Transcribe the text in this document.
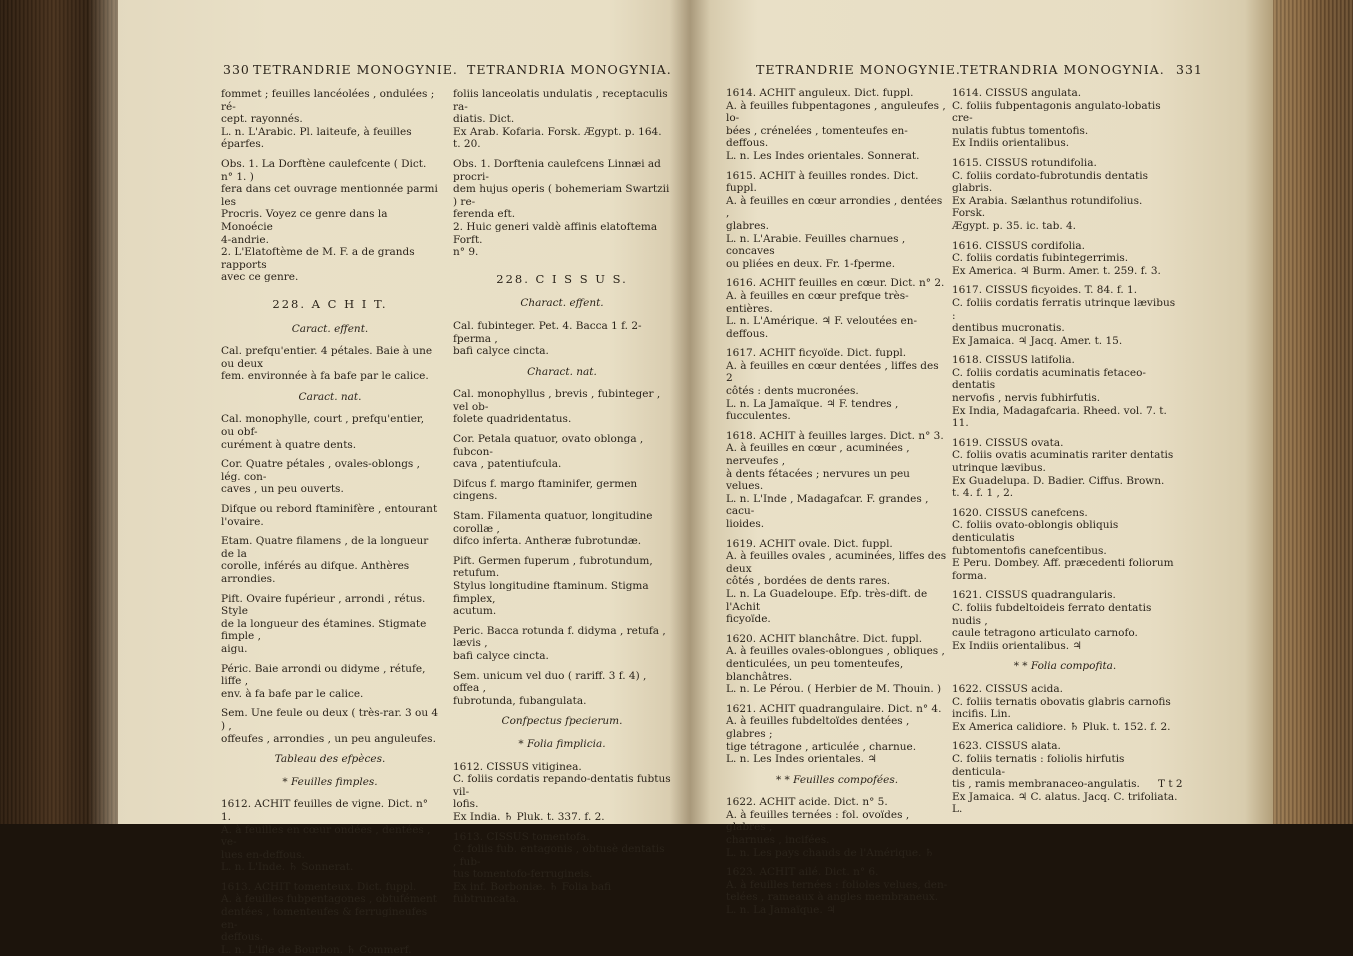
330 TETRANDRIE MONOGYNIE. TETRANDRIA MONOGYNIA.
fommet ; feuilles lancéolées , ondulées ; ré-
cept. rayonnés.
L. n. L'Arabic. Pl. laiteufe, à feuilles éparfes.
Obs. 1. La Dorftène caulefcente ( Dict. n° 1. )
fera dans cet ouvrage mentionnée parmi les
Procris. Voyez ce genre dans la Monoécie
4-andrie.
2. L'Elatoftème de M. F. a de grands rapports
avec ce genre.
228. A C H I T.
Caract. effent.
Cal. prefqu'entier. 4 pétales. Baie à une ou deux
fem. environnée à fa bafe par le calice.
Caract. nat.
Cal. monophylle, court , prefqu'entier, ou obf-
curément à quatre dents.
Cor. Quatre pétales , ovales-oblongs , lég. con-
caves , un peu ouverts.
Difque ou rebord ftaminifère , entourant
l'ovaire.
Etam. Quatre filamens , de la longueur de la
corolle, inférés au difque. Anthères arrondies.
Pift. Ovaire fupérieur , arrondi , rétus. Style
de la longueur des étamines. Stigmate fimple ,
aigu.
Péric. Baie arrondi ou didyme , rétufe, liffe ,
env. à fa bafe par le calice.
Sem. Une feule ou deux ( très-rar. 3 ou 4 ) ,
offeufes , arrondies , un peu anguleufes.
Tableau des efpèces.
* Feuilles fimples.
1612. ACHIT feuilles de vigne. Dict. n° 1.
A. à feuilles en cœur ondées , dentées , ve-
lues en-deffous.
L. n. L'Inde. ♄ Sonnerat.
1613. ACHIT tomenteux. Dict. fuppl.
A. à feuilles fubpentagones , obtufément
dentées , tomenteufes & ferrugineufes en-
deffous.
L. n. L'ifle de Bourbon. ♄ Commerf.
foliis lanceolatis undulatis , receptaculis ra-
diatis. Dict.
Ex Arab. Kofaria. Forsk. Ægypt. p. 164. t. 20.
Obs. 1. Dorftenia caulefcens Linnæi ad procri-
dem hujus operis ( bohemeriam Swartzii ) re-
ferenda eft.
2. Huic generi valdè affinis elatoftema Forft.
n° 9.
228. C I S S U S.
Charact. effent.
Cal. fubinteger. Pet. 4. Bacca 1 f. 2-fperma ,
bafi calyce cincta.
Charact. nat.
Cal. monophyllus , brevis , fubinteger , vel ob-
folete quadridentatus.
Cor. Petala quatuor, ovato oblonga , fubcon-
cava , patentiufcula.
Difcus f. margo ftaminifer, germen cingens.
Stam. Filamenta quatuor, longitudine corollæ ,
difco inferta. Antheræ fubrotundæ.
Pift. Germen fuperum , fubrotundum, retufum.
Stylus longitudine ftaminum. Stigma fimplex,
acutum.
Peric. Bacca rotunda f. didyma , retufa , lævis ,
bafi calyce cincta.
Sem. unicum vel duo ( rariff. 3 f. 4) , offea ,
fubrotunda, fubangulata.
Confpectus fpecierum.
* Folia fimplicia.
1612. CISSUS vitiginea.
C. foliis cordatis repando-dentatis fubtus vil-
lofis.
Ex India. ♄ Pluk. t. 337. f. 2.
1613. CISSUS tomentofa.
C. foliis fub. entagonis , obtusè dentatis , fub-
tus tomentofo-ferrugineis.
Ex inf. Borboniæ. ♄ Folia bafi fubtruncata.
TETRANDRIE MONOGYNIE. TETRANDRIA MONOGYNIA. 331
1614. ACHIT anguleux. Dict. fuppl.
A. à feuilles fubpentagones , anguleufes , lo-
bées , crénelées , tomenteufes en-deffous.
L. n. Les Indes orientales. Sonnerat.
1615. ACHIT à feuilles rondes. Dict. fuppl.
A. à feuilles en cœur arrondies , dentées ,
glabres.
L. n. L'Arabie. Feuilles charnues , concaves
ou pliées en deux. Fr. 1-fperme.
1616. ACHIT feuilles en cœur. Dict. n° 2.
A. à feuilles en cœur prefque très-entières.
L. n. L'Amérique. ♃ F. veloutées en-deffous.
1617. ACHIT ficyoïde. Dict. fuppl.
A. à feuilles en cœur dentées , liffes des 2
côtés : dents mucronées.
L. n. La Jamaïque. ♃ F. tendres , fucculentes.
1618. ACHIT à feuilles larges. Dict. n° 3.
A. à feuilles en cœur , acuminées , nerveufes ,
à dents fétacées ; nervures un peu velues.
L. n. L'Inde , Madagafcar. F. grandes , cacu-
lioides.
1619. ACHIT ovale. Dict. fuppl.
A. à feuilles ovales , acuminées, liffes des deux
côtés , bordées de dents rares.
L. n. La Guadeloupe. Efp. très-dift. de l'Achit
ficyoïde.
1620. ACHIT blanchâtre. Dict. fuppl.
A. à feuilles ovales-oblongues , obliques ,
denticulées, un peu tomenteufes, blanchâtres.
L. n. Le Pérou. ( Herbier de M. Thouin. )
1621. ACHIT quadrangulaire. Dict. n° 4.
A. à feuilles fubdeltoïdes dentées , glabres ;
tige tétragone , articulée , charnue.
L. n. Les Indes orientales. ♃
* * Feuilles compofées.
1622. ACHIT acide. Dict. n° 5.
A. à feuilles ternées : fol. ovoïdes , glabres ,
charnues , incifées.
L. n. Les pays chauds de l'Amérique. ♄
1623. ACHIT ailé. Dict. n° 6.
A. à feuilles ternées : folioles velues, den-
telées , rameaux à angles membraneux.
L. n. La Jamaïque. ♃
1614. CISSUS angulata.
C. foliis fubpentagonis angulato-lobatis cre-
nulatis fubtus tomentofis.
Ex Indiis orientalibus.
1615. CISSUS rotundifolia.
C. foliis cordato-fubrotundis dentatis glabris.
Ex Arabia. Sælanthus rotundifolius. Forsk.
Ægypt. p. 35. ic. tab. 4.
1616. CISSUS cordifolia.
C. foliis cordatis fubintegerrimis.
Ex America. ♃ Burm. Amer. t. 259. f. 3.
1617. CISSUS ficyoides. T. 84. f. 1.
C. foliis cordatis ferratis utrinque lævibus :
dentibus mucronatis.
Ex Jamaica. ♃ Jacq. Amer. t. 15.
1618. CISSUS latifolia.
C. foliis cordatis acuminatis fetaceo-dentatis
nervofis , nervis fubhirfutis.
Ex India, Madagafcaria. Rheed. vol. 7. t. 11.
1619. CISSUS ovata.
C. foliis ovatis acuminatis rariter dentatis
utrinque lævibus.
Ex Guadelupa. D. Badier. Ciffus. Brown.
t. 4. f. 1 , 2.
1620. CISSUS canefcens.
C. foliis ovato-oblongis obliquis denticulatis
fubtomentofis canefcentibus.
E Peru. Dombey. Aff. præcedenti foliorum forma.
1621. CISSUS quadrangularis.
C. foliis fubdeltoideis ferrato dentatis nudis ,
caule tetragono articulato carnofo.
Ex Indiis orientalibus. ♃
* * Folia compofita.
1622. CISSUS acida.
C. foliis ternatis obovatis glabris carnofis
incifis. Lin.
Ex America calidiore. ♄ Pluk. t. 152. f. 2.
1623. CISSUS alata.
C. foliis ternatis : foliolis hirfutis denticula-
tis , ramis membranaceo-angulatis.
Ex Jamaica. ♃ C. alatus. Jacq. C. trifoliata. L.
T t 2
